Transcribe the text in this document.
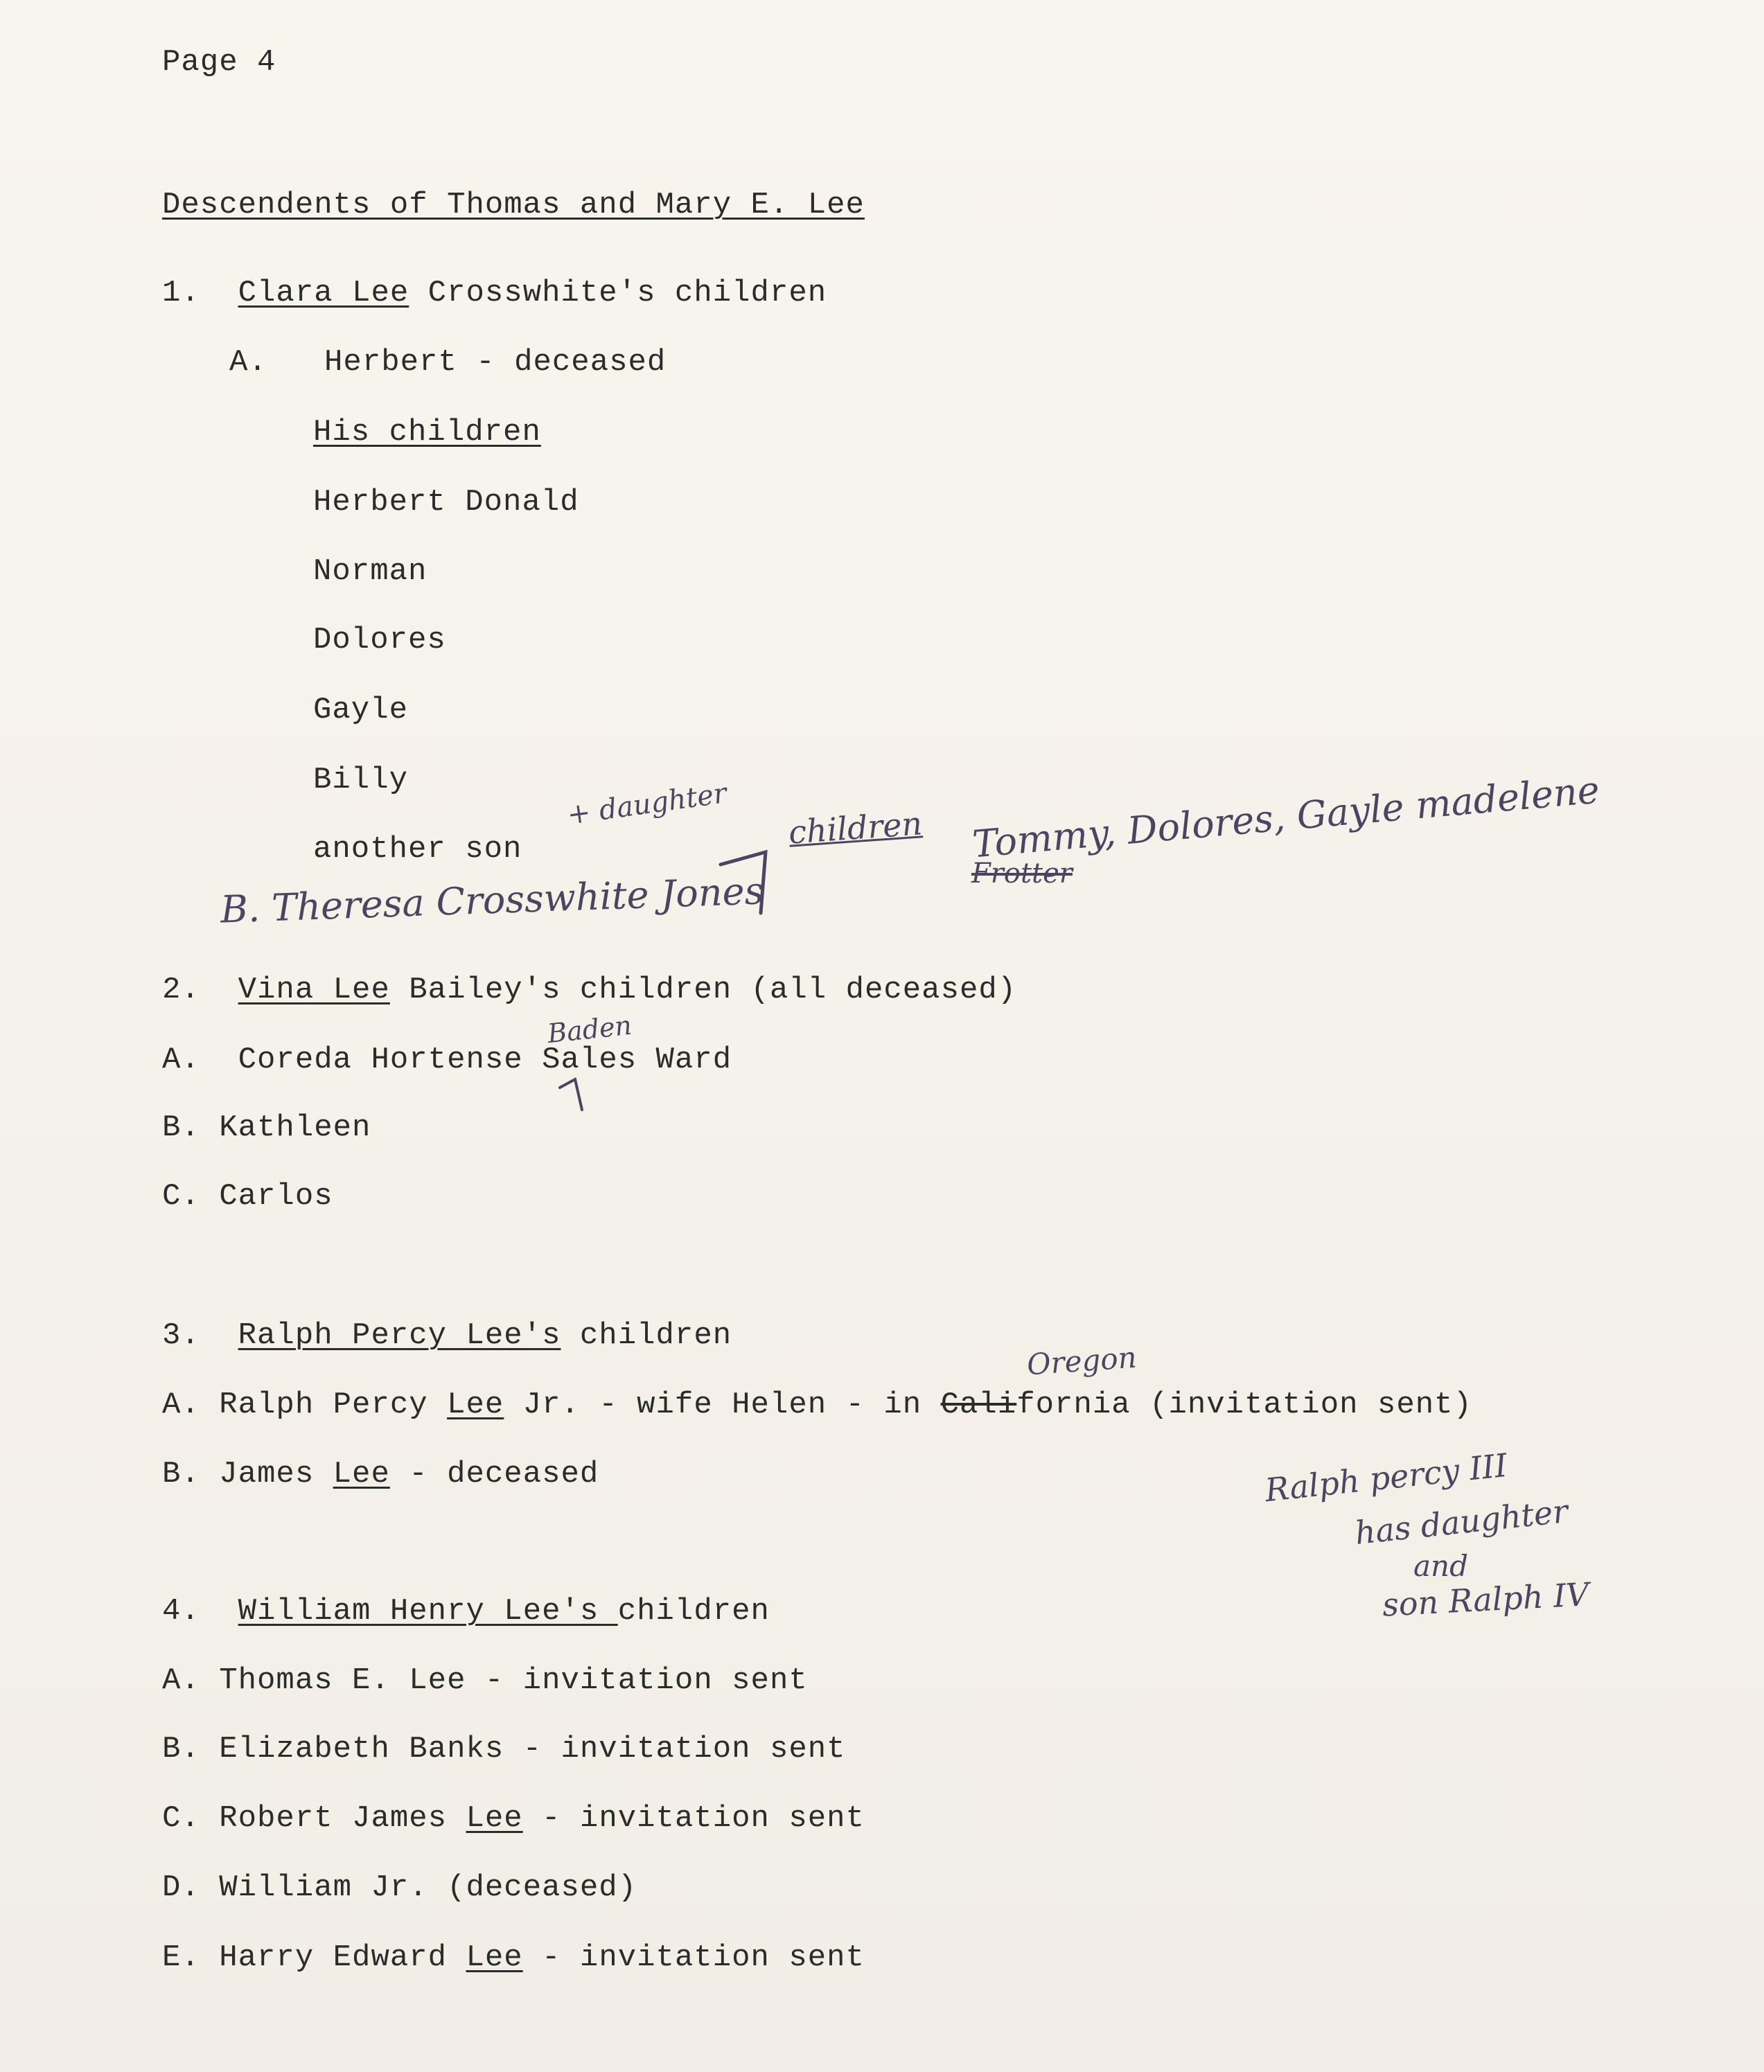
Page 4
Descendents of Thomas and Mary E. Lee
1. Clara Lee Crosswhite's children
A. Herbert - deceased
His children
Herbert Donald
Norman
Dolores
Gayle
Billy
another son
+ daughter children Tommy, Dolores, Gayle madelene
Frotter
B. Theresa Crosswhite Jones
2. Vina Lee Bailey's children (all deceased)
A. Coreda Hortense Sales Ward
Baden
B. Kathleen
C. Carlos
3. Ralph Percy Lee's children
Oregon
A. Ralph Percy Lee Jr. - wife Helen - in California (invitation sent)
B. James Lee - deceased	Ralph percy III
has daughter
and
son Ralph IV
4. William Henry Lee's children
A. Thomas E. Lee - invitation sent
B. Elizabeth Banks - invitation sent
C. Robert James Lee - invitation sent
D. William Jr. (deceased)
E. Harry Edward Lee - invitation sent
